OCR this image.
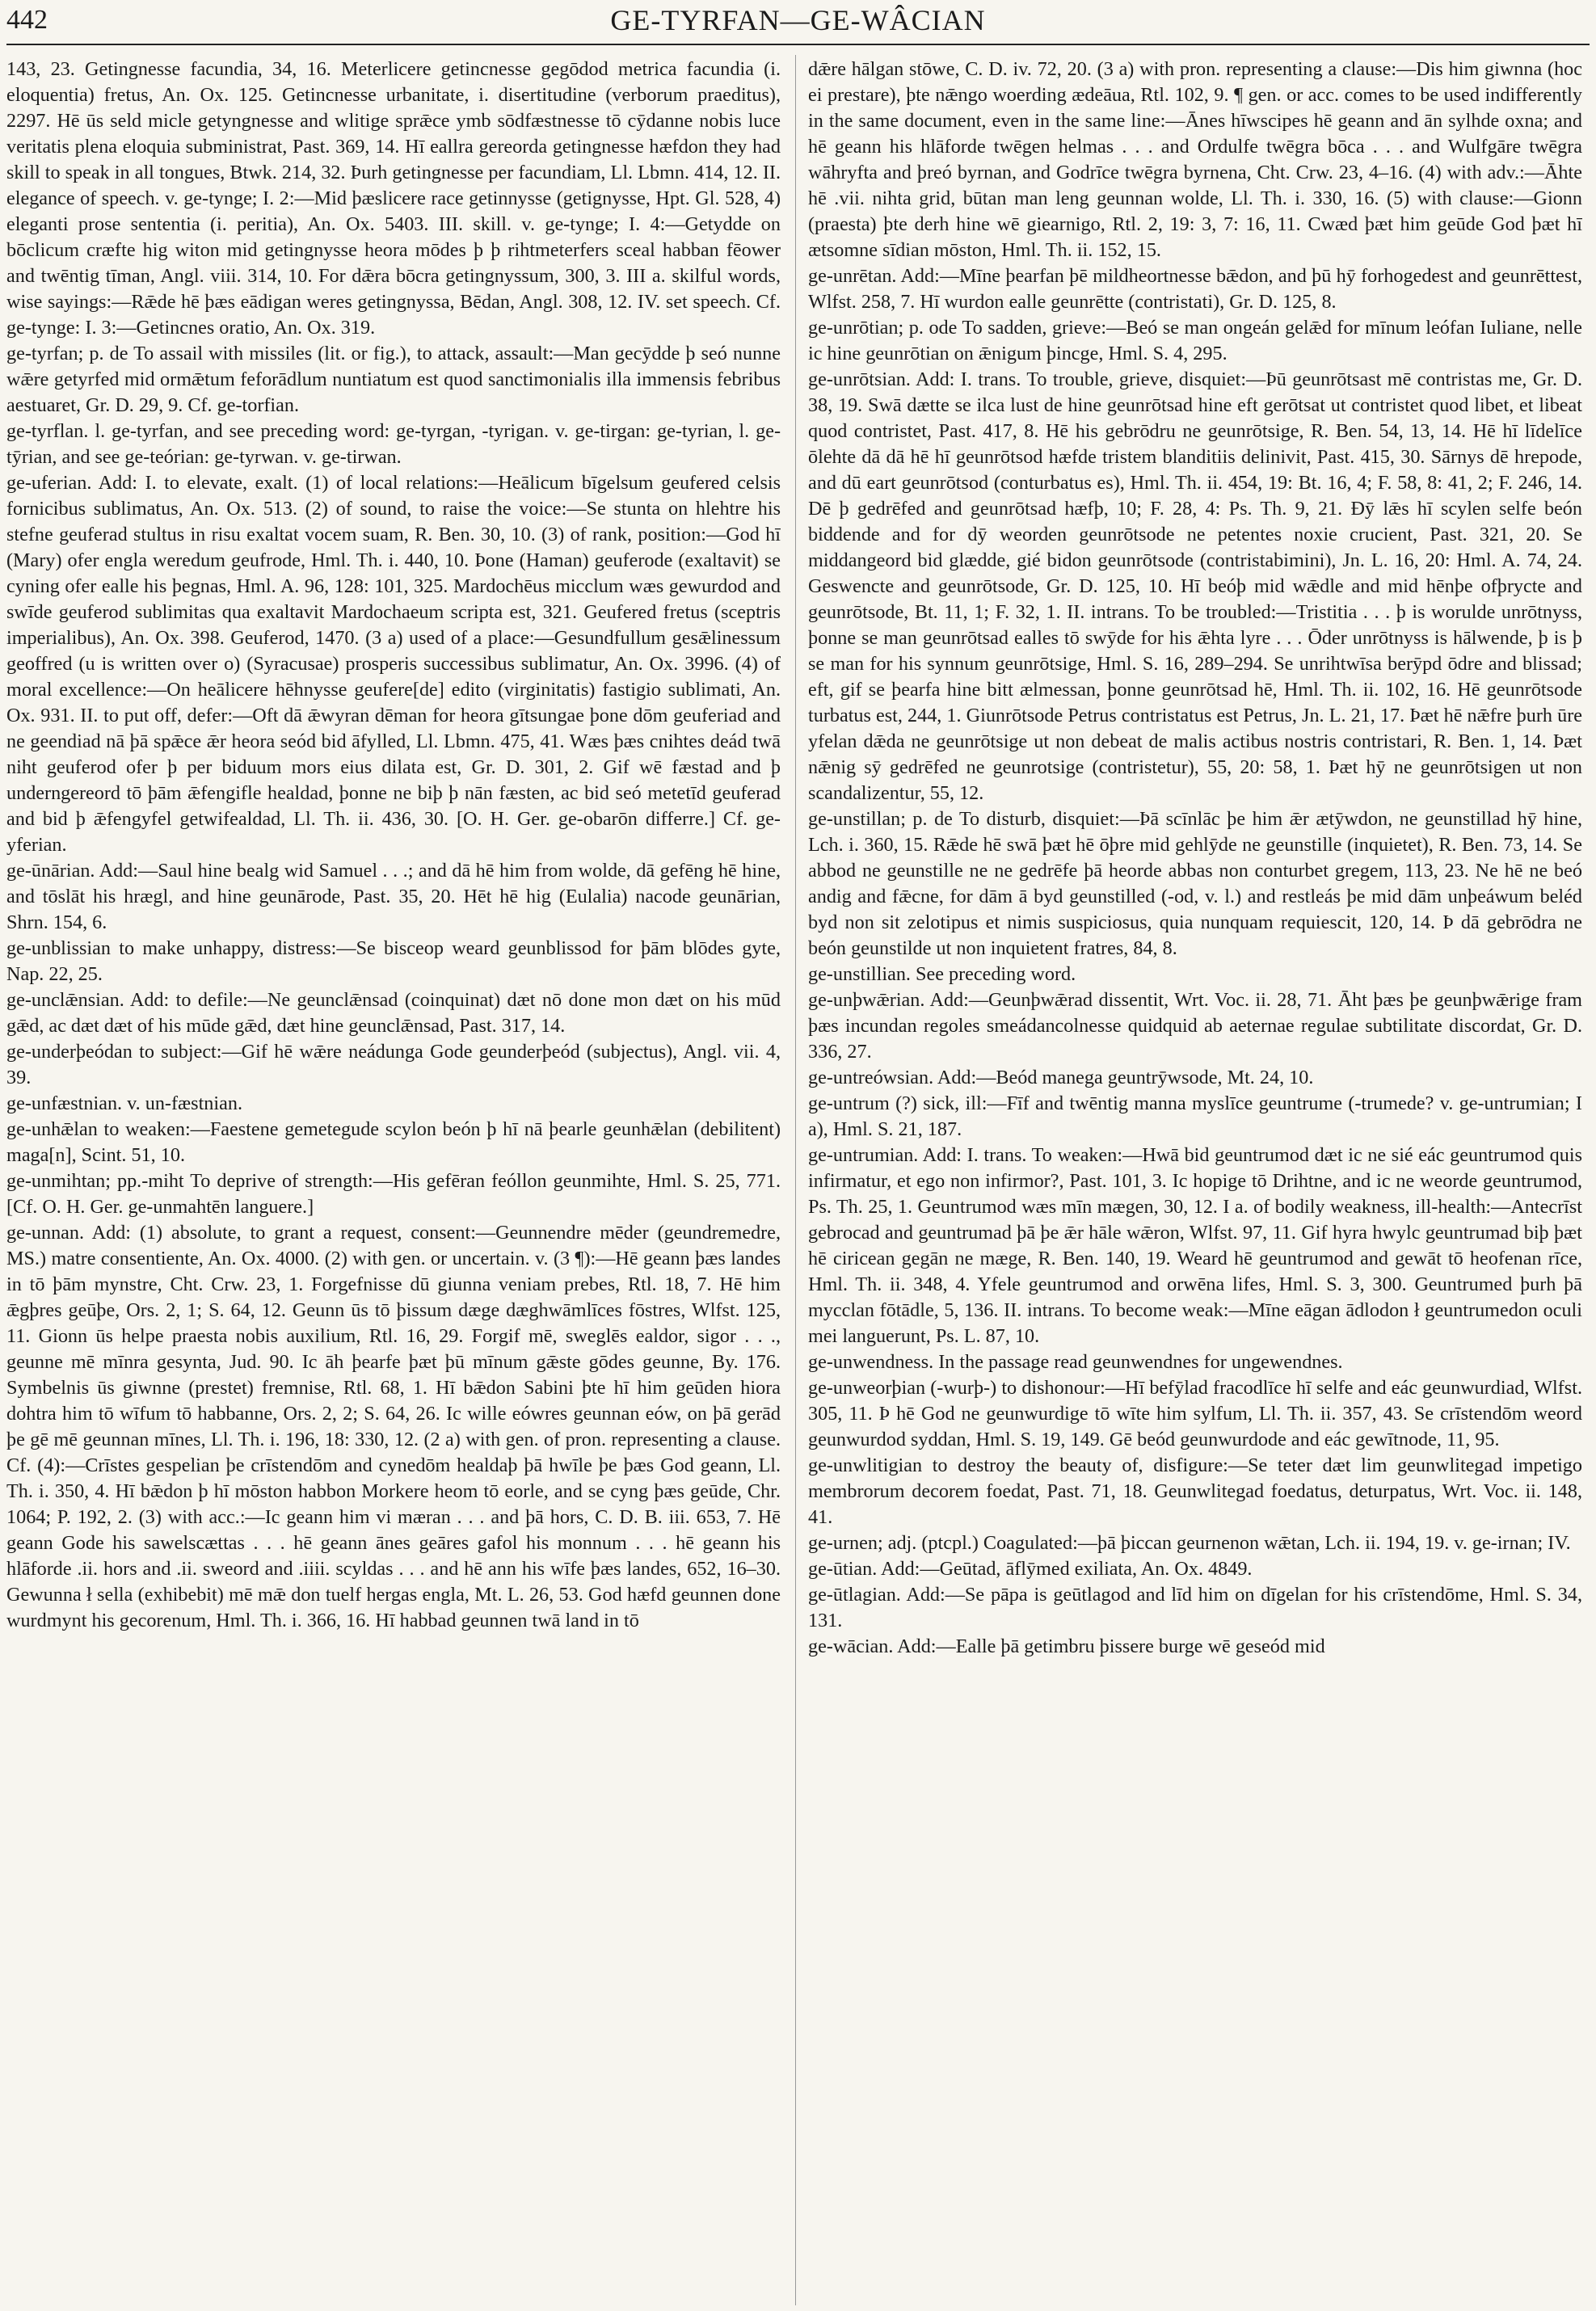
442	GE-TYRFAN—GE-WÂCIAN

143, 23. Getingnesse facundia, 34, 16. Meterlicere getincnesse gegōdod metrica facundia (i. eloquentia) fretus, An. Ox. 125. Getincnesse urbanitate, i. disertitudine (verborum praeditus), 2297. Hē ūs seld micle getyngnesse and wlitige sprǣce ymb sōdfæstnesse tō cȳdanne nobis luce veritatis plena eloquia subministrat, Past. 369, 14. Hī eallra gereorda getingnesse hæfdon they had skill to speak in all tongues, Btwk. 214, 32. Þurh getingnesse per facundiam, Ll. Lbmn. 414, 12. II. elegance of speech. v. ge-tynge; I. 2:—Mid þæslicere race getinnysse (getignysse, Hpt. Gl. 528, 4) eleganti prose sententia (i. peritia), An. Ox. 5403. III. skill. v. ge-tynge; I. 4:—Getydde on bōclicum cræfte hig witon mid getingnysse heora mōdes þ þ rihtmeterfers sceal habban fēower and twēntig tīman, Angl. viii. 314, 10. For dǣra bōcra getingnyssum, 300, 3. III a. skilful words, wise sayings:—Rǣde hē þæs eādigan weres getingnyssa, Bēdan, Angl. 308, 12. IV. set speech. Cf. ge-tynge: I. 3:—Getincnes oratio, An. Ox. 319.

ge-tyrfan; p. de To assail with missiles (lit. or fig.), to attack, assault:—Man gecȳdde þ seó nunne wǣre getyrfed mid ormǣtum feforādlum nuntiatum est quod sanctimonialis illa immensis febribus aestuaret, Gr. D. 29, 9. Cf. ge-torfian.

ge-tyrflan. l. ge-tyrfan, and see preceding word: ge-tyrgan, -tyrigan. v. ge-tirgan: ge-tyrian, l. ge-tȳrian, and see ge-teórian: ge-tyrwan. v. ge-tirwan.

ge-uferian. Add: I. to elevate, exalt. (1) of local relations:—Heālicum bīgelsum geufered celsis fornicibus sublimatus, An. Ox. 513. (2) of sound, to raise the voice:—Se stunta on hlehtre his stefne geuferad stultus in risu exaltat vocem suam, R. Ben. 30, 10. (3) of rank, position:—God hī (Mary) ofer engla weredum geufrode, Hml. Th. i. 440, 10. Þone (Haman) geuferode (exaltavit) se cyning ofer ealle his þegnas, Hml. A. 96, 128: 101, 325. Mardochēus micclum wæs gewurdod and swīde geuferod sublimitas qua exaltavit Mardochaeum scripta est, 321. Geufered fretus (sceptris imperialibus), An. Ox. 398. Geuferod, 1470. (3 a) used of a place:—Gesundfullum gesǣlinessum geoffred (u is written over o) (Syracusae) prosperis successibus sublimatur, An. Ox. 3996. (4) of moral excellence:—On heālicere hēhnysse geufere[de] edito (virginitatis) fastigio sublimati, An. Ox. 931. II. to put off, defer:—Oft dā ǣwyran dēman for heora gītsungae þone dōm geuferiad and ne geendiad nā þā spǣce ǣr heora seód bid āfylled, Ll. Lbmn. 475, 41. Wæs þæs cnihtes deád twā niht geuferod ofer þ per biduum mors eius dilata est, Gr. D. 301, 2. Gif wē fæstad and þ underngereord tō þām ǣfengifle healdad, þonne ne biþ þ nān fæsten, ac bid seó metetīd geuferad and bid þ ǣfengyfel getwifealdad, Ll. Th. ii. 436, 30. [O. H. Ger. ge-obarōn differre.] Cf. ge-yferian.

ge-ūnārian. Add:—Saul hine bealg wid Samuel . . .; and dā hē him from wolde, dā gefēng hē hine, and tōslāt his hrægl, and hine geunārode, Past. 35, 20. Hēt hē hig (Eulalia) nacode geunārian, Shrn. 154, 6.

ge-unblissian to make unhappy, distress:—Se bisceop weard geunblissod for þām blōdes gyte, Nap. 22, 25.

ge-unclǣnsian. Add: to defile:—Ne geunclǣnsad (coinquinat) dæt nō done mon dæt on his mūd gǣd, ac dæt dæt of his mūde gǣd, dæt hine geunclǣnsad, Past. 317, 14.

ge-underþeódan to subject:—Gif hē wǣre neádunga Gode geunderþeód (subjectus), Angl. vii. 4, 39.

ge-unfæstnian. v. un-fæstnian.

ge-unhǣlan to weaken:—Faestene gemetegude scylon beón þ hī nā þearle geunhǣlan (debilitent) maga[n], Scint. 51, 10.

ge-unmihtan; pp.-miht To deprive of strength:—His gefēran feóllon geunmihte, Hml. S. 25, 771. [Cf. O. H. Ger. ge-unmahtēn languere.]

ge-unnan. Add: (1) absolute, to grant a request, consent:—Geunnendre mēder (geundremedre, MS.) matre consentiente, An. Ox. 4000. (2) with gen. or uncertain. v. (3 ¶):—Hē geann þæs landes in tō þām mynstre, Cht. Crw. 23, 1. Forgefnisse dū giunna veniam prebes, Rtl. 18, 7. Hē him ǣgþres geūþe, Ors. 2, 1; S. 64, 12. Geunn ūs tō þissum dæge dæghwāmlīces fōstres, Wlfst. 125, 11. Gionn ūs helpe praesta nobis auxilium, Rtl. 16, 29. Forgif mē, sweglēs ealdor, sigor . . ., geunne mē mīnra gesynta, Jud. 90. Ic āh þearfe þæt þū mīnum gǣste gōdes geunne, By. 176. Symbelnis ūs giwnne (prestet) fremnise, Rtl. 68, 1. Hī bǣdon Sabini þte hī him geūden hiora dohtra him tō wīfum tō habbanne, Ors. 2, 2; S. 64, 26. Ic wille eówres geunnan eów, on þā gerād þe gē mē geunnan mīnes, Ll. Th. i. 196, 18: 330, 12. (2 a) with gen. of pron. representing a clause. Cf. (4):—Crīstes gespelian þe crīstendōm and cynedōm healdaþ þā hwīle þe þæs God geann, Ll. Th. i. 350, 4. Hī bǣdon þ hī mōston habbon Morkere heom tō eorle, and se cyng þæs geūde, Chr. 1064; P. 192, 2. (3) with acc.:—Ic geann him vi mæran . . . and þā hors, C. D. B. iii. 653, 7. Hē geann Gode his sawelscættas . . . hē geann ānes geāres gafol his monnum . . . hē geann his hlāforde .ii. hors and .ii. sweord and .iiii. scyldas . . . and hē ann his wīfe þæs landes, 652, 16–30. Gewunna ł sella (exhibebit) mē mǣ don tuelf hergas engla, Mt. L. 26, 53. God hæfd geunnen done wurdmynt his gecorenum, Hml. Th. i. 366, 16. Hī habbad geunnen twā land in tō

dǣre hālgan stōwe, C. D. iv. 72, 20. (3 a) with pron. representing a clause:—Dis him giwnna (hoc ei prestare), þte nǣngo woerding ædeāua, Rtl. 102, 9. ¶ gen. or acc. comes to be used indifferently in the same document, even in the same line:—Ānes hīwscipes hē geann and ān sylhde oxna; and hē geann his hlāforde twēgen helmas . . . and Ordulfe twēgra bōca . . . and Wulfgāre twēgra wāhryfta and þreó byrnan, and Godrīce twēgra byrnena, Cht. Crw. 23, 4–16. (4) with adv.:—Āhte hē .vii. nihta grid, būtan man leng geunnan wolde, Ll. Th. i. 330, 16. (5) with clause:—Gionn (praesta) þte derh hine wē giearnigo, Rtl. 2, 19: 3, 7: 16, 11. Cwæd þæt him geūde God þæt hī ætsomne sīdian mōston, Hml. Th. ii. 152, 15.

ge-unrētan. Add:—Mīne þearfan þē mildheortnesse bǣdon, and þū hȳ forhogedest and geunrēttest, Wlfst. 258, 7. Hī wurdon ealle geunrētte (contristati), Gr. D. 125, 8.

ge-unrōtian; p. ode To sadden, grieve:—Beó se man ongeán gelǣd for mīnum leófan Iuliane, nelle ic hine geunrōtian on ǣnigum þincge, Hml. S. 4, 295.

ge-unrōtsian. Add: I. trans. To trouble, grieve, disquiet:—Þū geunrōtsast mē contristas me, Gr. D. 38, 19. Swā dætte se ilca lust de hine geunrōtsad hine eft gerōtsat ut contristet quod libet, et libeat quod contristet, Past. 417, 8. Hē his gebrōdru ne geunrōtsige, R. Ben. 54, 13, 14. Hē hī līdelīce ōlehte dā dā hē hī geunrōtsod hæfde tristem blanditiis delinivit, Past. 415, 30. Sārnys dē hrepode, and dū eart geunrōtsod (conturbatus es), Hml. Th. ii. 454, 19: Bt. 16, 4; F. 58, 8: 41, 2; F. 246, 14. Dē þ gedrēfed and geunrōtsad hæfþ, 10; F. 28, 4: Ps. Th. 9, 21. Ðȳ lǣs hī scylen selfe beón biddende and for dȳ weorden geunrōtsode ne petentes noxie crucient, Past. 321, 20. Se middangeord bid glædde, gié bidon geunrōtsode (contristabimini), Jn. L. 16, 20: Hml. A. 74, 24. Geswencte and geunrōtsode, Gr. D. 125, 10. Hī beóþ mid wǣdle and mid hēnþe ofþrycte and geunrōtsode, Bt. 11, 1; F. 32, 1. II. intrans. To be troubled:—Tristitia . . . þ is worulde unrōtnyss, þonne se man geunrōtsad ealles tō swȳde for his ǣhta lyre . . . Ōder unrōtnyss is hālwende, þ is þ se man for his synnum geunrōtsige, Hml. S. 16, 289–294. Se unrihtwīsa berȳpd ōdre and blissad; eft, gif se þearfa hine bitt ælmessan, þonne geunrōtsad hē, Hml. Th. ii. 102, 16. Hē geunrōtsode turbatus est, 244, 1. Giunrōtsode Petrus contristatus est Petrus, Jn. L. 21, 17. Þæt hē nǣfre þurh ūre yfelan dǣda ne geunrōtsige ut non debeat de malis actibus nostris contristari, R. Ben. 1, 14. Þæt nǣnig sȳ gedrēfed ne geunrotsige (contristetur), 55, 20: 58, 1. Þæt hȳ ne geunrōtsigen ut non scandalizentur, 55, 12.

ge-unstillan; p. de To disturb, disquiet:—Þā scīnlāc þe him ǣr ætȳwdon, ne geunstillad hȳ hine, Lch. i. 360, 15. Rǣde hē swā þæt hē ōþre mid gehlȳde ne geunstille (inquietet), R. Ben. 73, 14. Se abbod ne geunstille ne ne gedrēfe þā heorde abbas non conturbet gregem, 113, 23. Ne hē ne beó andig and fǣcne, for dām ā byd geunstilled (-od, v. l.) and restleás þe mid dām unþeáwum beléd byd non sit zelotipus et nimis suspiciosus, quia nunquam requiescit, 120, 14. Þ dā gebrōdra ne beón geunstilde ut non inquietent fratres, 84, 8.

ge-unstillian. See preceding word.

ge-unþwǣrian. Add:—Geunþwǣrad dissentit, Wrt. Voc. ii. 28, 71. Āht þæs þe geunþwǣrige fram þæs incundan regoles smeádancolnesse quidquid ab aeternae regulae subtilitate discordat, Gr. D. 336, 27.

ge-untreówsian. Add:—Beód manega geuntrȳwsode, Mt. 24, 10.

ge-untrum (?) sick, ill:—Fīf and twēntig manna myslīce geuntrume (-trumede? v. ge-untrumian; I a), Hml. S. 21, 187.

ge-untrumian. Add: I. trans. To weaken:—Hwā bid geuntrumod dæt ic ne sié eác geuntrumod quis infirmatur, et ego non infirmor?, Past. 101, 3. Ic hopige tō Drihtne, and ic ne weorde geuntrumod, Ps. Th. 25, 1. Geuntrumod wæs mīn mægen, 30, 12. I a. of bodily weakness, ill-health:—Antecrīst gebrocad and geuntrumad þā þe ǣr hāle wǣron, Wlfst. 97, 11. Gif hyra hwylc geuntrumad biþ þæt hē ciricean gegān ne mæge, R. Ben. 140, 19. Weard hē geuntrumod and gewāt tō heofenan rīce, Hml. Th. ii. 348, 4. Yfele geuntrumod and orwēna lifes, Hml. S. 3, 300. Geuntrumed þurh þā mycclan fōtādle, 5, 136. II. intrans. To become weak:—Mīne eāgan ādlodon ł geuntrumedon oculi mei languerunt, Ps. L. 87, 10.

ge-unwendness. In the passage read geunwendnes for ungewendnes.

ge-unweorþian (-wurþ-) to dishonour:—Hī befȳlad fracodlīce hī selfe and eác geunwurdiad, Wlfst. 305, 11. Þ hē God ne geunwurdige tō wīte him sylfum, Ll. Th. ii. 357, 43. Se crīstendōm weord geunwurdod syddan, Hml. S. 19, 149. Gē beód geunwurdode and eác gewītnode, 11, 95.

ge-unwlitigian to destroy the beauty of, disfigure:—Se teter dæt lim geunwlitegad impetigo membrorum decorem foedat, Past. 71, 18. Geunwlitegad foedatus, deturpatus, Wrt. Voc. ii. 148, 41.

ge-urnen; adj. (ptcpl.) Coagulated:—þā þiccan geurnenon wǣtan, Lch. ii. 194, 19. v. ge-irnan; IV.

ge-ūtian. Add:—Geūtad, āflȳmed exiliata, An. Ox. 4849.

ge-ūtlagian. Add:—Se pāpa is geūtlagod and līd him on dīgelan for his crīstendōme, Hml. S. 34, 131.

ge-wācian. Add:—Ealle þā getimbru þissere burge wē geseód mid
